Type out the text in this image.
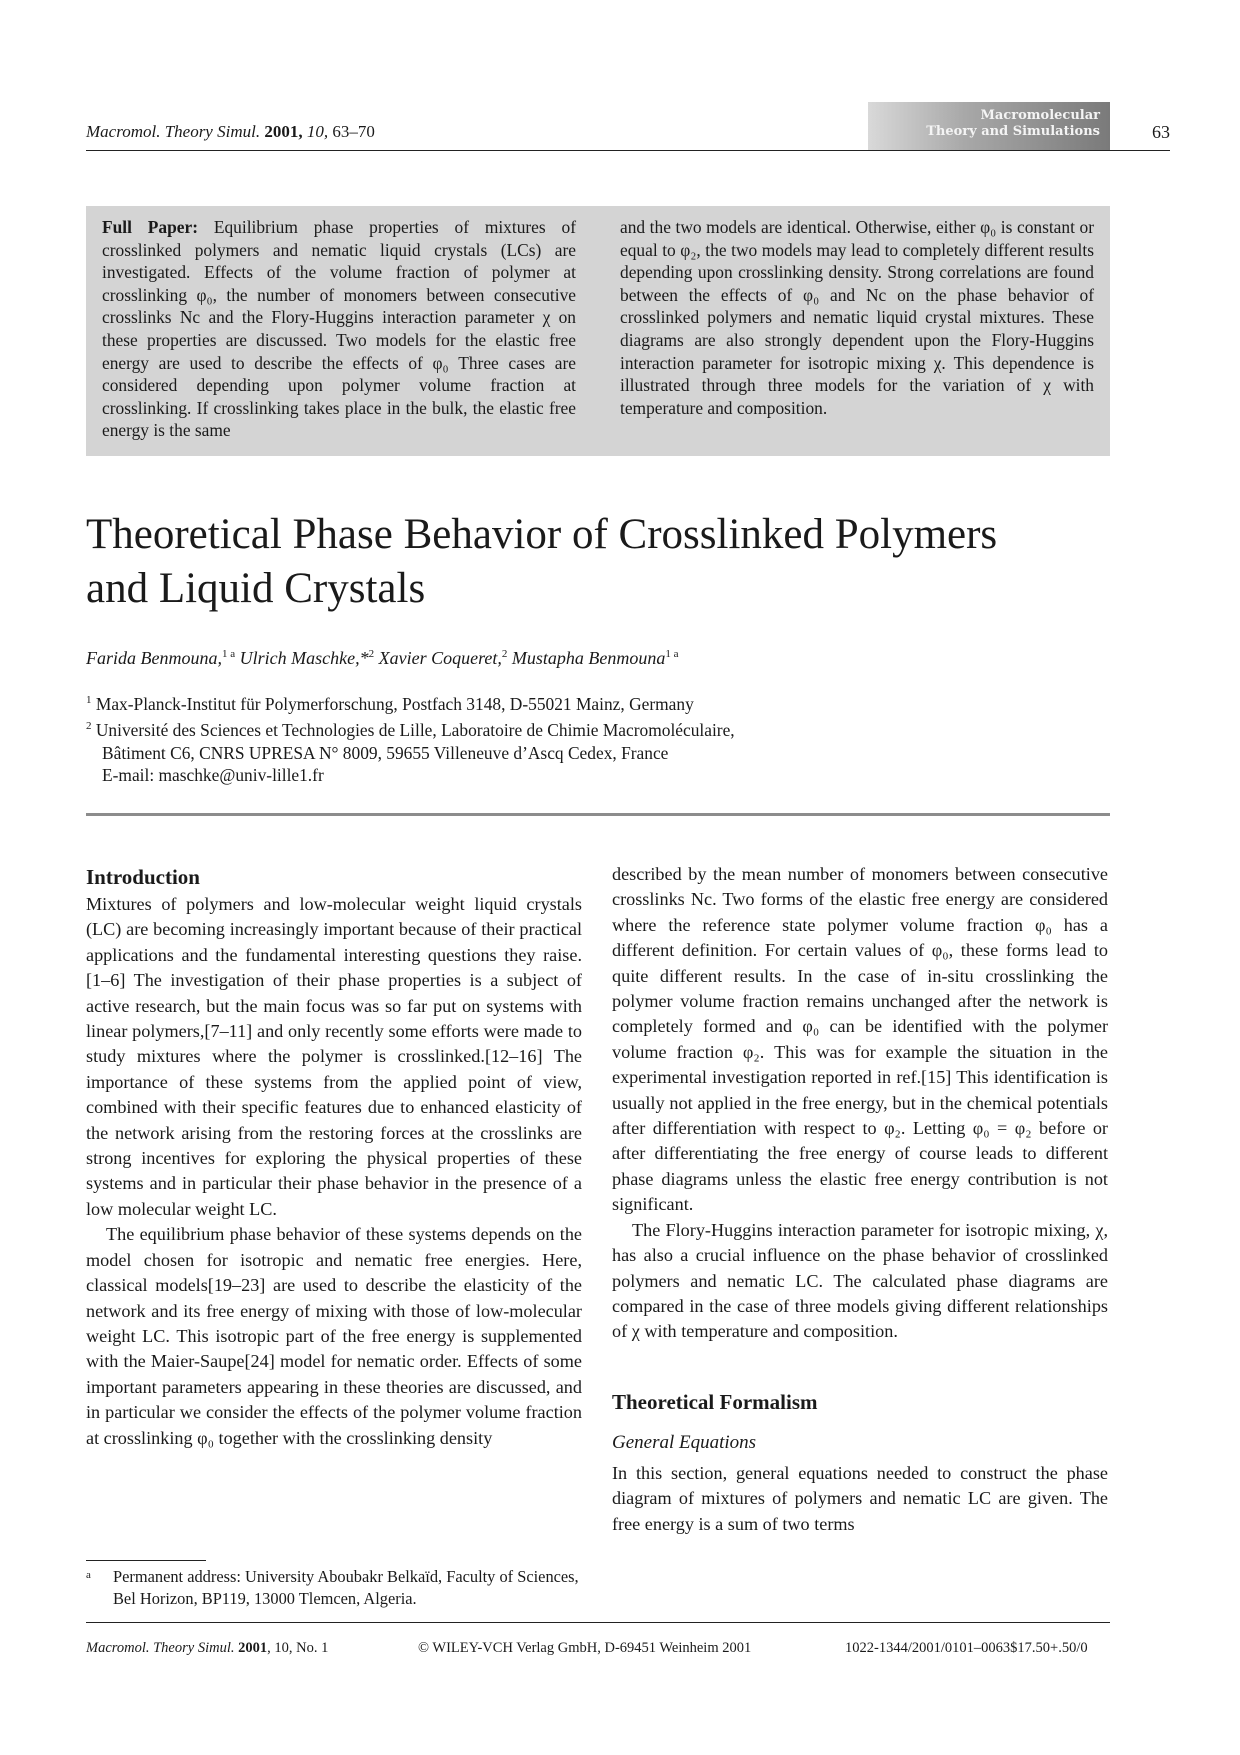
Macromol. Theory Simul. 2001, 10, 63–70
Macromolecular
Theory and Simulations	63
Full Paper: Equilibrium phase properties of mixtures of crosslinked polymers and nematic liquid crystals (LCs) are investigated. Effects of the volume fraction of polymer at crosslinking φ₀, the number of monomers between consecutive crosslinks Nc and the Flory-Huggins interaction parameter χ on these properties are discussed. Two models for the elastic free energy are used to describe the effects of φ₀ Three cases are considered depending upon polymer volume fraction at crosslinking. If crosslinking takes place in the bulk, the elastic free energy is the same
and the two models are identical. Otherwise, either φ₀ is constant or equal to φ₂, the two models may lead to completely different results depending upon crosslinking density. Strong correlations are found between the effects of φ₀ and Nc on the phase behavior of crosslinked polymers and nematic liquid crystal mixtures. These diagrams are also strongly dependent upon the Flory-Huggins interaction parameter for isotropic mixing χ. This dependence is illustrated through three models for the variation of χ with temperature and composition.
Theoretical Phase Behavior of Crosslinked Polymers
and Liquid Crystals
Farida Benmouna,$^{1 a}$ Ulrich Maschke,*$^2$ Xavier Coqueret,$^2$ Mustapha Benmouna$^{1 a}$
$^1$ Max-Planck-Institut für Polymerforschung, Postfach 3148, D-55021 Mainz, Germany
$^2$ Université des Sciences et Technologies de Lille, Laboratoire de Chimie Macromoléculaire,
Bâtiment C6, CNRS UPRESA N° 8009, 59655 Villeneuve d’Ascq Cedex, France
E-mail: maschke@univ-lille1.fr
Introduction

Mixtures of polymers and low-molecular weight liquid crystals (LC) are becoming increasingly important because of their practical applications and the fundamental interesting questions they raise.[1–6] The investigation of their phase properties is a subject of active research, but the main focus was so far put on systems with linear polymers,[7–11] and only recently some efforts were made to study mixtures where the polymer is crosslinked.[12–16] The importance of these systems from the applied point of view, combined with their specific features due to enhanced elasticity of the network arising from the restoring forces at the crosslinks are strong incentives for exploring the physical properties of these systems and in particular their phase behavior in the presence of a low molecular weight LC.

The equilibrium phase behavior of these systems depends on the model chosen for isotropic and nematic free energies. Here, classical models[19–23] are used to describe the elasticity of the network and its free energy of mixing with those of low-molecular weight LC. This isotropic part of the free energy is supplemented with the Maier-Saupe[24] model for nematic order. Effects of some important parameters appearing in these theories are discussed, and in particular we consider the effects of the polymer volume fraction at crosslinking φ₀ together with the crosslinking density

a	Permanent address: University Aboubakr Belkaïd, Faculty of Sciences, Bel Horizon, BP119, 13000 Tlemcen, Algeria.

described by the mean number of monomers between consecutive crosslinks Nc. Two forms of the elastic free energy are considered where the reference state polymer volume fraction φ₀ has a different definition. For certain values of φ₀, these forms lead to quite different results. In the case of in-situ crosslinking the polymer volume fraction remains unchanged after the network is completely formed and φ₀ can be identified with the polymer volume fraction φ₂. This was for example the situation in the experimental investigation reported in ref.[15] This identification is usually not applied in the free energy, but in the chemical potentials after differentiation with respect to φ₂. Letting φ₀ = φ₂ before or after differentiating the free energy of course leads to different phase diagrams unless the elastic free energy contribution is not significant.

The Flory-Huggins interaction parameter for isotropic mixing, χ, has also a crucial influence on the phase behavior of crosslinked polymers and nematic LC. The calculated phase diagrams are compared in the case of three models giving different relationships of χ with temperature and composition.

Theoretical Formalism
General Equations

In this section, general equations needed to construct the phase diagram of mixtures of polymers and nematic LC are given. The free energy is a sum of two terms

Macromol. Theory Simul. 2001, 10, No. 1	© WILEY-VCH Verlag GmbH, D-69451 Weinheim 2001	1022-1344/2001/0101–0063$17.50+.50/0
